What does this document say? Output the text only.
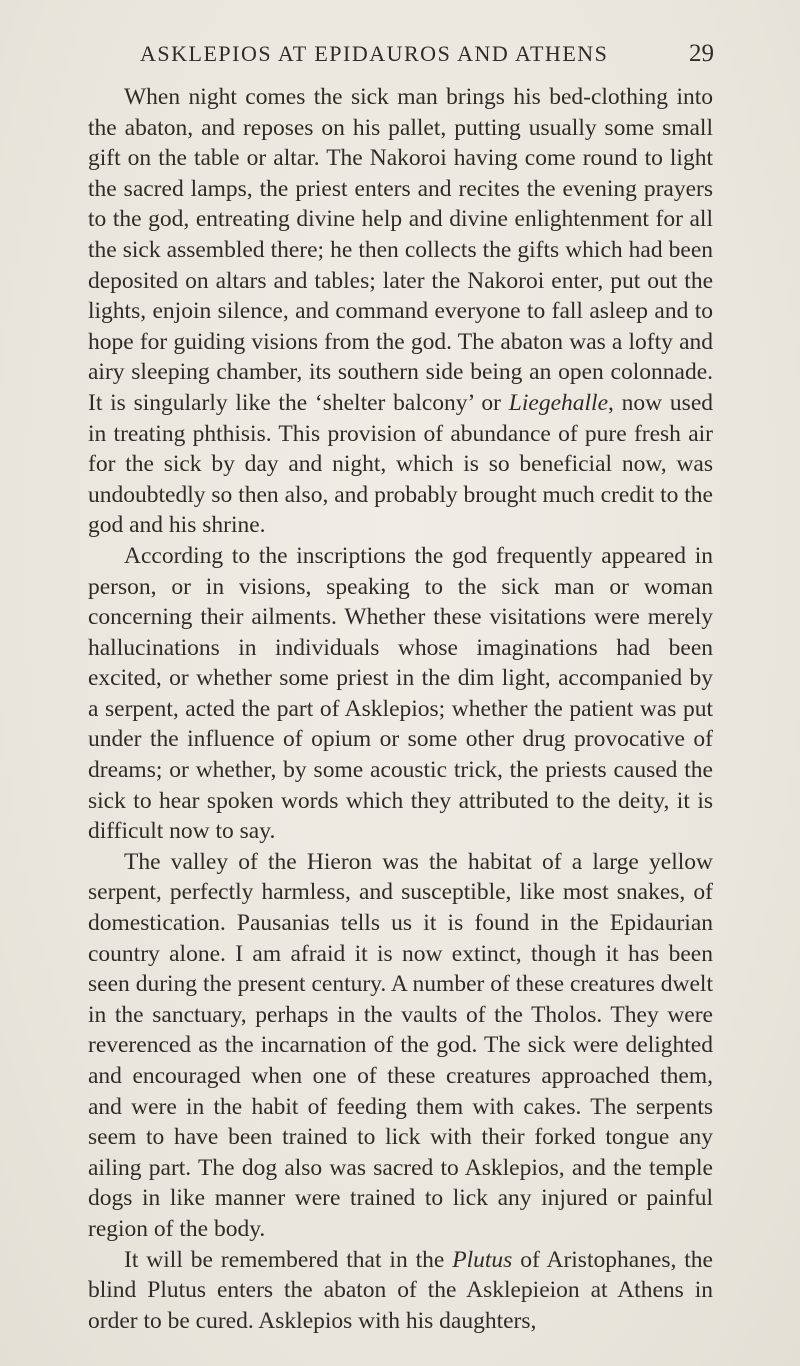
ASKLEPIOS AT EPIDAUROS AND ATHENS	29

When night comes the sick man brings his bed-clothing into the abaton, and reposes on his pallet, putting usually some small gift on the table or altar. The Nakoroi having come round to light the sacred lamps, the priest enters and recites the evening prayers to the god, entreating divine help and divine enlightenment for all the sick assembled there; he then collects the gifts which had been deposited on altars and tables; later the Nakoroi enter, put out the lights, enjoin silence, and command everyone to fall asleep and to hope for guiding visions from the god. The abaton was a lofty and airy sleeping chamber, its southern side being an open colonnade. It is singularly like the ‘shelter balcony’ or Liegehalle, now used in treating phthisis. This provision of abundance of pure fresh air for the sick by day and night, which is so beneficial now, was undoubtedly so then also, and probably brought much credit to the god and his shrine.

According to the inscriptions the god frequently appeared in person, or in visions, speaking to the sick man or woman concerning their ailments. Whether these visitations were merely hallucinations in individuals whose imaginations had been excited, or whether some priest in the dim light, accompanied by a serpent, acted the part of Asklepios; whether the patient was put under the influence of opium or some other drug provocative of dreams; or whether, by some acoustic trick, the priests caused the sick to hear spoken words which they attributed to the deity, it is difficult now to say.

The valley of the Hieron was the habitat of a large yellow serpent, perfectly harmless, and susceptible, like most snakes, of domestication. Pausanias tells us it is found in the Epidaurian country alone. I am afraid it is now extinct, though it has been seen during the present century. A number of these creatures dwelt in the sanctuary, perhaps in the vaults of the Tholos. They were reverenced as the incarnation of the god. The sick were delighted and encouraged when one of these creatures approached them, and were in the habit of feeding them with cakes. The serpents seem to have been trained to lick with their forked tongue any ailing part. The dog also was sacred to Asklepios, and the temple dogs in like manner were trained to lick any injured or painful region of the body.

It will be remembered that in the Plutus of Aristophanes, the blind Plutus enters the abaton of the Asklepieion at Athens in order to be cured. Asklepios with his daughters,
